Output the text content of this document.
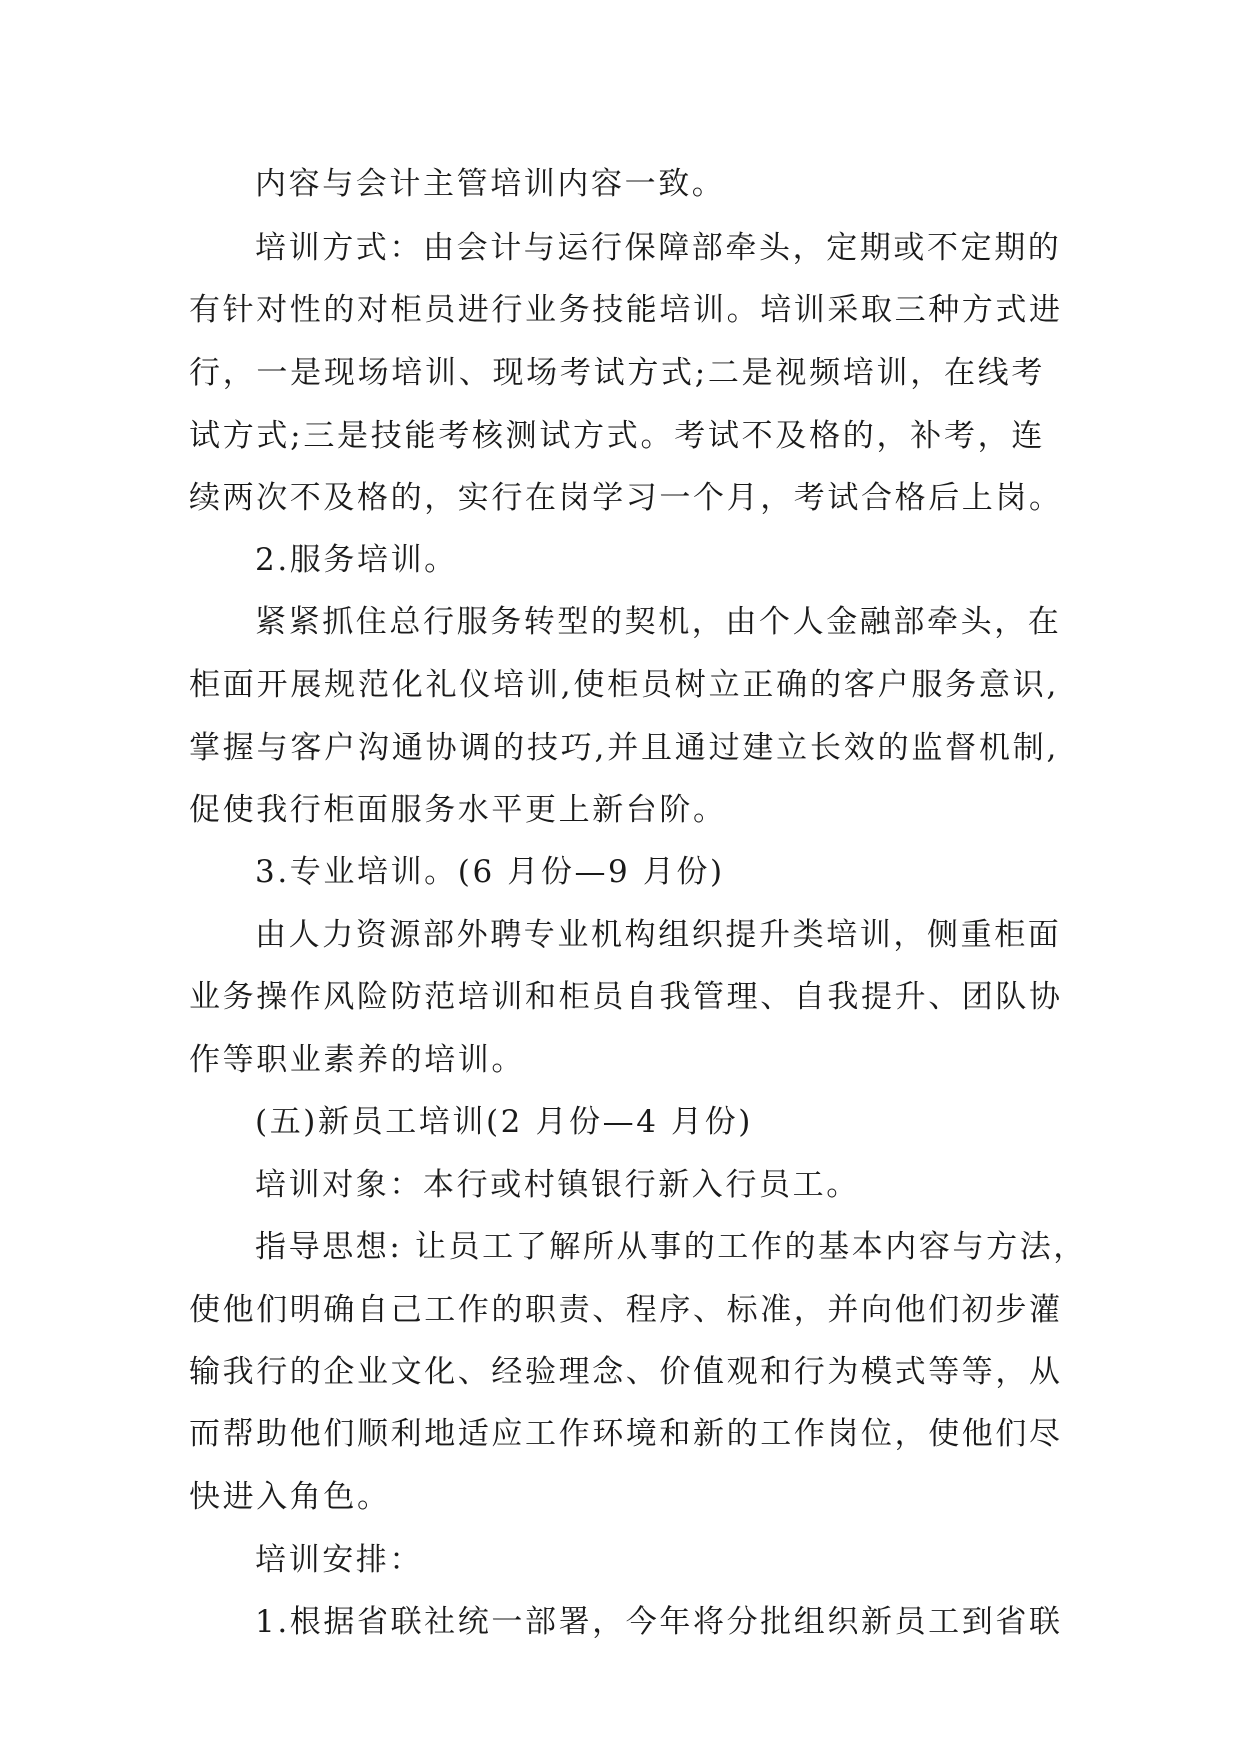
内容与会计主管培训内容一致。
培训方式：由会计与运行保障部牵头，定期或不定期的
有针对性的对柜员进行业务技能培训。培训采取三种方式进
行，一是现场培训、现场考试方式;二是视频培训，在线考
试方式;三是技能考核测试方式。考试不及格的，补考，连
续两次不及格的，实行在岗学习一个月，考试合格后上岗。
2.服务培训。
紧紧抓住总行服务转型的契机，由个人金融部牵头，在
柜面开展规范化礼仪培训,使柜员树立正确的客户服务意识,
掌握与客户沟通协调的技巧,并且通过建立长效的监督机制,
促使我行柜面服务水平更上新台阶。
3.专业培训。(6 月份—9 月份)
由人力资源部外聘专业机构组织提升类培训，侧重柜面
业务操作风险防范培训和柜员自我管理、自我提升、团队协
作等职业素养的培训。
(五)新员工培训(2 月份—4 月份)
培训对象：本行或村镇银行新入行员工。
指导思想: 让员工了解所从事的工作的基本内容与方法，
使他们明确自己工作的职责、程序、标准，并向他们初步灌
输我行的企业文化、经验理念、价值观和行为模式等等，从
而帮助他们顺利地适应工作环境和新的工作岗位，使他们尽
快进入角色。
培训安排：
1.根据省联社统一部署，今年将分批组织新员工到省联
